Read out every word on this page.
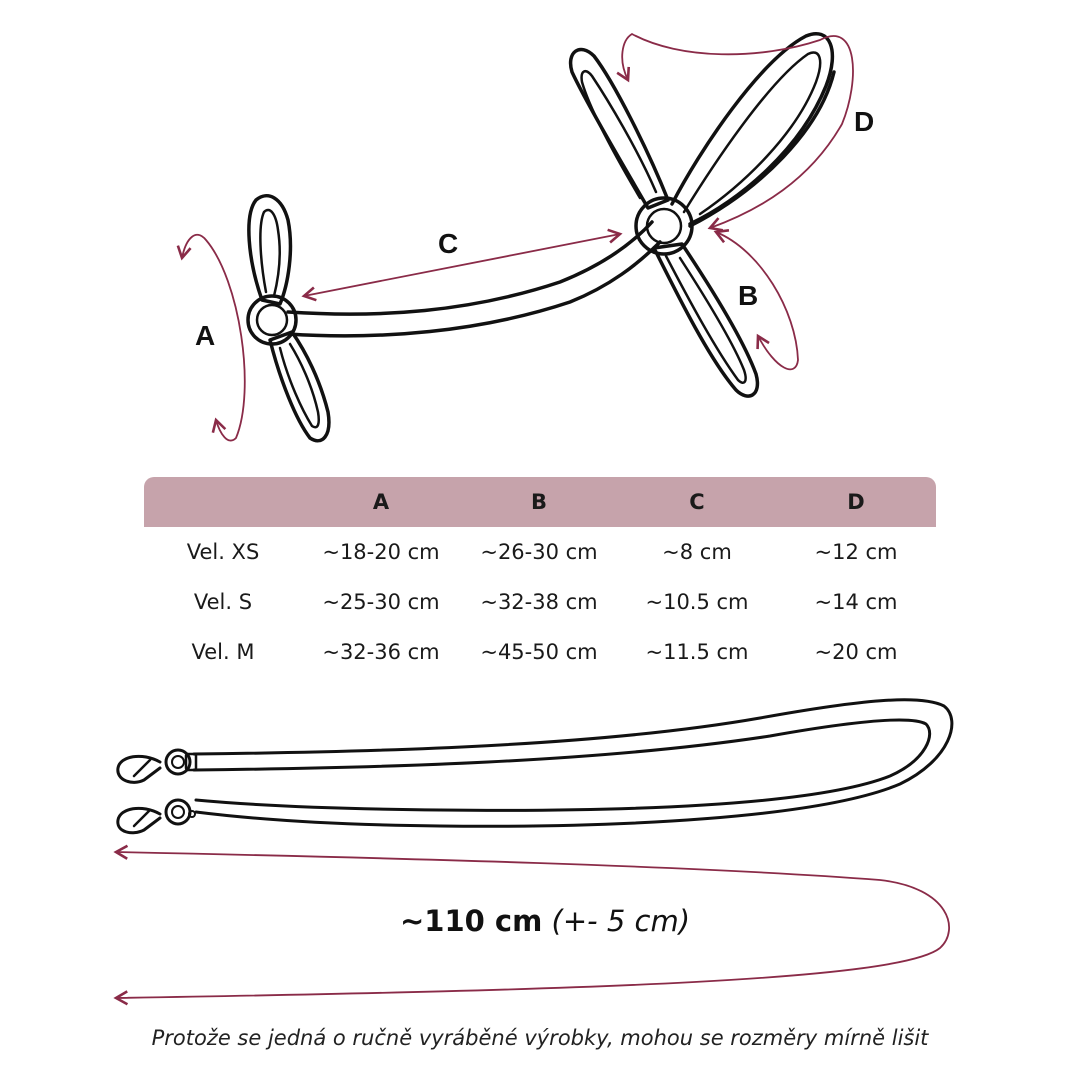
A
C
B
D
	A	B	C	D
Vel. XS	~18-20 cm	~26-30 cm	~8 cm	~12 cm
Vel. S	~25-30 cm	~32-38 cm	~10.5 cm	~14 cm
Vel. M	~32-36 cm	~45-50 cm	~11.5 cm	~20 cm
~110 cm (+- 5 cm)
Protože se jedná o ručně vyráběné výrobky, mohou se rozměry mírně lišit
